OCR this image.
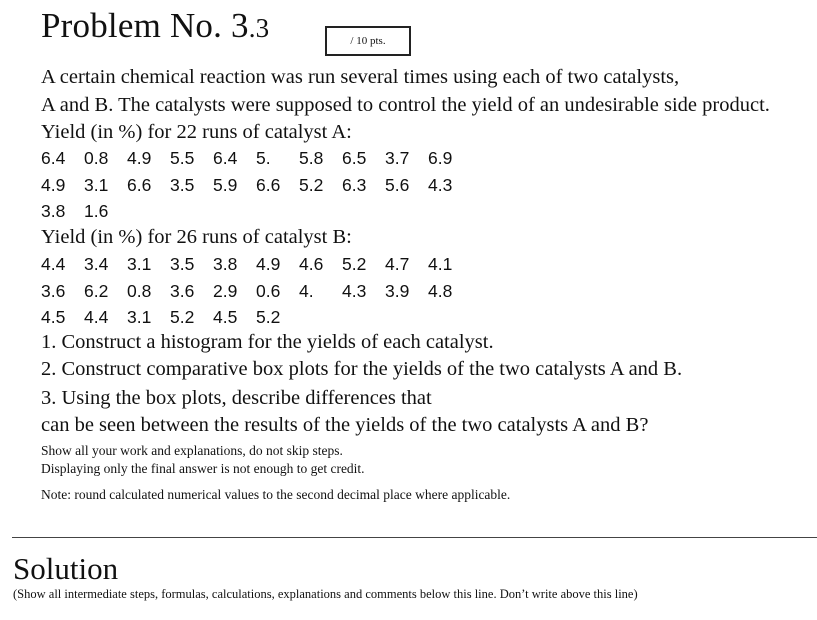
Problem No. 3.3	/ 10 pts.
A certain chemical reaction was run several times using each of two catalysts,
A and B. The catalysts were supposed to control the yield of an undesirable side product.
Yield (in %) for 22 runs of catalyst A:
6.4 0.8 4.9 5.5 6.4 5. 5.8 6.5 3.7 6.9
4.9 3.1 6.6 3.5 5.9 6.6 5.2 6.3 5.6 4.3
3.8 1.6
Yield (in %) for 26 runs of catalyst B:
4.4 3.4 3.1 3.5 3.8 4.9 4.6 5.2 4.7 4.1
3.6 6.2 0.8 3.6 2.9 0.6 4. 4.3 3.9 4.8
4.5 4.4 3.1 5.2 4.5 5.2
1. Construct a histogram for the yields of each catalyst.
2. Construct comparative box plots for the yields of the two catalysts A and B.
3. Using the box plots, describe differences that
can be seen between the results of the yields of the two catalysts A and B?
Show all your work and explanations, do not skip steps.
Displaying only the final answer is not enough to get credit.
Note: round calculated numerical values to the second decimal place where applicable.
Solution
(Show all intermediate steps, formulas, calculations, explanations and comments below this line. Don’t write above this line)
